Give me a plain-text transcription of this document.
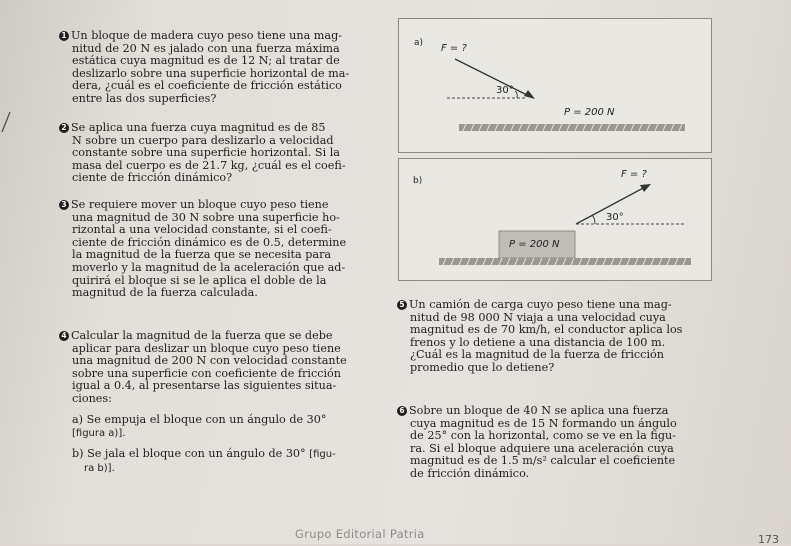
1 Un bloque de madera cuyo peso tiene una mag-
nitud de 20 N es jalado con una fuerza máxima
estática cuya magnitud es de 12 N; al tratar de
deslizarlo sobre una superficie horizontal de ma-
dera, ¿cuál es el coeficiente de fricción estático
entre las dos superficies?
2 Se aplica una fuerza cuya magnitud es de 85
N sobre un cuerpo para deslizarlo a velocidad
constante sobre una superficie horizontal. Si la
masa del cuerpo es de 21.7 kg, ¿cuál es el coefi-
ciente de fricción dinámico?
3 Se requiere mover un bloque cuyo peso tiene
una magnitud de 30 N sobre una superficie ho-
rizontal a una velocidad constante, si el coefi-
ciente de fricción dinámico es de 0.5, determine
la magnitud de la fuerza que se necesita para
moverlo y la magnitud de la aceleración que ad-
quirirá el bloque si se le aplica el doble de la
magnitud de la fuerza calculada.
4 Calcular la magnitud de la fuerza que se debe
aplicar para deslizar un bloque cuyo peso tiene
una magnitud de 200 N con velocidad constante
sobre una superficie con coeficiente de fricción
igual a 0.4, al presentarse las siguientes situa-
ciones:
a) Se empuja el bloque con un ángulo de 30°
[figura a)].
b) Se jala el bloque con un ángulo de 30° [figu-
ra b)].
5 Un camión de carga cuyo peso tiene una mag-
nitud de 98 000 N viaja a una velocidad cuya
magnitud es de 70 km/h, el conductor aplica los
frenos y lo detiene a una distancia de 100 m.
¿Cuál es la magnitud de la fuerza de fricción
promedio que lo detiene?
6 Sobre un bloque de 40 N se aplica una fuerza
cuya magnitud es de 15 N formando un ángulo
de 25° con la horizontal, como se ve en la figu-
ra. Si el bloque adquiere una aceleración cuya
magnitud es de 1.5 m/s² calcular el coeficiente
de fricción dinámico.
a) F = ?
30°
P = 200 N
b)
F = ?
30°
P = 200 N
Grupo Editorial Patria	173
